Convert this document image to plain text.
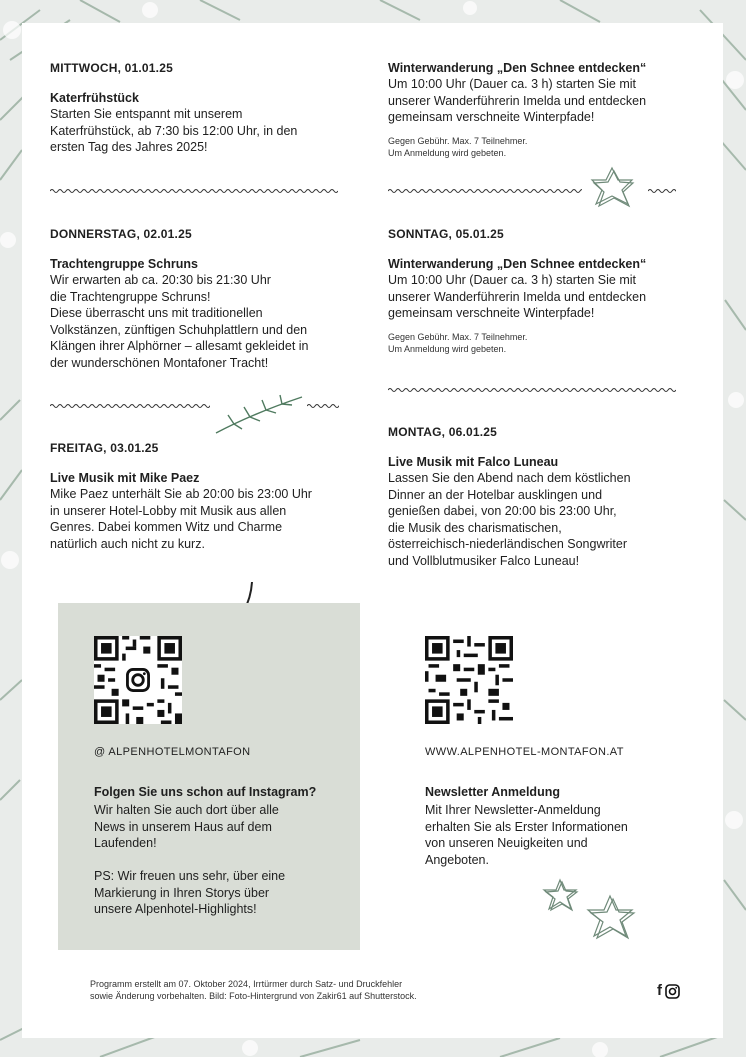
MITTWOCH, 01.01.25

Katerfrühstück

Starten Sie entspannt mit unserem
Katerfrühstück, ab 7:30 bis 12:00 Uhr, in den
ersten Tag des Jahres 2025!

DONNERSTAG, 02.01.25

Trachtengruppe Schruns

Wir erwarten ab ca. 20:30 bis 21:30 Uhr
die Trachtengruppe Schruns!
Diese überrascht uns mit traditionellen
Volkstänzen, zünftigen Schuhplattlern und den
Klängen ihrer Alphörner – allesamt gekleidet in
der wunderschönen Montafoner Tracht!

FREITAG, 03.01.25

Live Musik mit Mike Paez

Mike Paez unterhält Sie ab 20:00 bis 23:00 Uhr
in unserer Hotel-Lobby mit Musik aus allen
Genres. Dabei kommen Witz und Charme
natürlich auch nicht zu kurz.

Winterwanderung „Den Schnee entdecken“

Um 10:00 Uhr (Dauer ca. 3 h) starten Sie mit
unserer Wanderführerin Imelda und entdecken
gemeinsam verschneite Winterpfade!

Gegen Gebühr. Max. 7 Teilnehmer.
Um Anmeldung wird gebeten.

SONNTAG, 05.01.25

Winterwanderung „Den Schnee entdecken“

Um 10:00 Uhr (Dauer ca. 3 h) starten Sie mit
unserer Wanderführerin Imelda und entdecken
gemeinsam verschneite Winterpfade!

Gegen Gebühr. Max. 7 Teilnehmer.
Um Anmeldung wird gebeten.

MONTAG, 06.01.25

Live Musik mit Falco Luneau

Lassen Sie den Abend nach dem köstlichen
Dinner an der Hotelbar ausklingen und
genießen dabei, von 20:00 bis 23:00 Uhr,
die Musik des charismatischen,
österreichisch-niederländischen Songwriter
und Vollblutmusiker Falco Luneau!

@ ALPENHOTELMONTAFON
Folgen Sie uns schon auf Instagram?
Wir halten Sie auch dort über alle
News in unserem Haus auf dem
Laufenden!

PS: Wir freuen uns sehr, über eine
Markierung in Ihren Storys über
unsere Alpenhotel-Highlights!
WWW.ALPENHOTEL-MONTAFON.AT
Newsletter Anmeldung
Mit Ihrer Newsletter-Anmeldung
erhalten Sie als Erster Informationen
von unseren Neuigkeiten und
Angeboten.
Programm erstellt am 07. Oktober 2024, Irrtürmer durch Satz- und Druckfehler
sowie Änderung vorbehalten. Bild: Foto-Hintergrund von Zakir61 auf Shutterstock.	f
